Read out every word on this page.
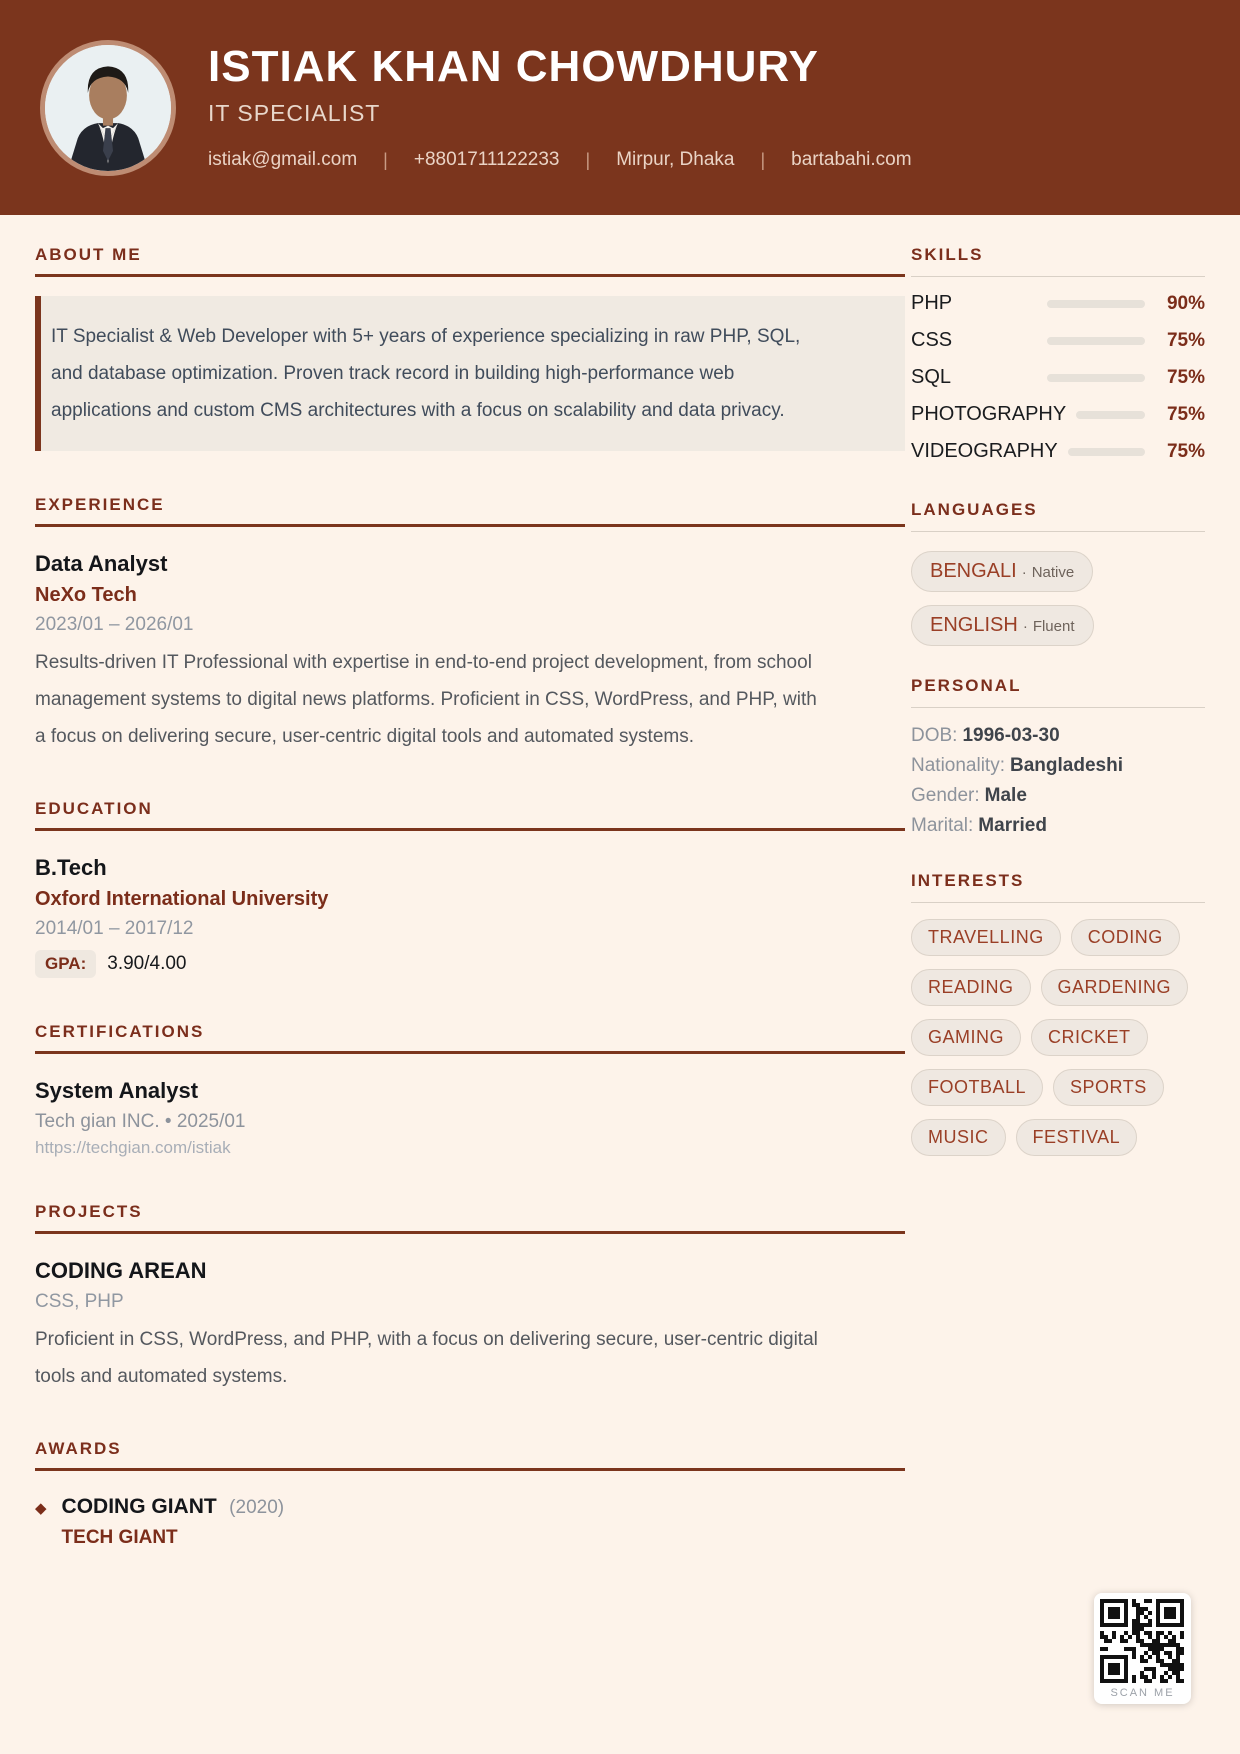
ISTIAK KHAN CHOWDHURY
IT SPECIALIST
istiak@gmail.com | +8801711122233 | Mirpur, Dhaka | bartabahi.com
ABOUT ME
IT Specialist & Web Developer with 5+ years of experience specializing in raw PHP, SQL, and database optimization. Proven track record in building high-performance web applications and custom CMS architectures with a focus on scalability and data privacy.
EXPERIENCE
Data Analyst
NeXo Tech
2023/01 – 2026/01
Results-driven IT Professional with expertise in end-to-end project development, from school management systems to digital news platforms. Proficient in CSS, WordPress, and PHP, with a focus on delivering secure, user-centric digital tools and automated systems.
EDUCATION
B.Tech
Oxford International University
2014/01 – 2017/12
GPA:	3.90/4.00
CERTIFICATIONS
System Analyst
Tech gian INC. • 2025/01
https://techgian.com/istiak
PROJECTS
CODING AREAN
CSS, PHP
Proficient in CSS, WordPress, and PHP, with a focus on delivering secure, user-centric digital tools and automated systems.
AWARDS
◆ CODING GIANT (2020)
TECH GIANT
SKILLS
PHP	90%
CSS	75%
SQL	75%
PHOTOGRAPHY	75%
VIDEOGRAPHY	75%
LANGUAGES
BENGALI · Native
ENGLISH · Fluent
PERSONAL
DOB: 1996-03-30
Nationality: Bangladeshi
Gender: Male
Marital: Married
INTERESTS
TRAVELLING	CODING
READING	GARDENING
GAMING	CRICKET
FOOTBALL	SPORTS
MUSIC	FESTIVAL
SCAN ME
